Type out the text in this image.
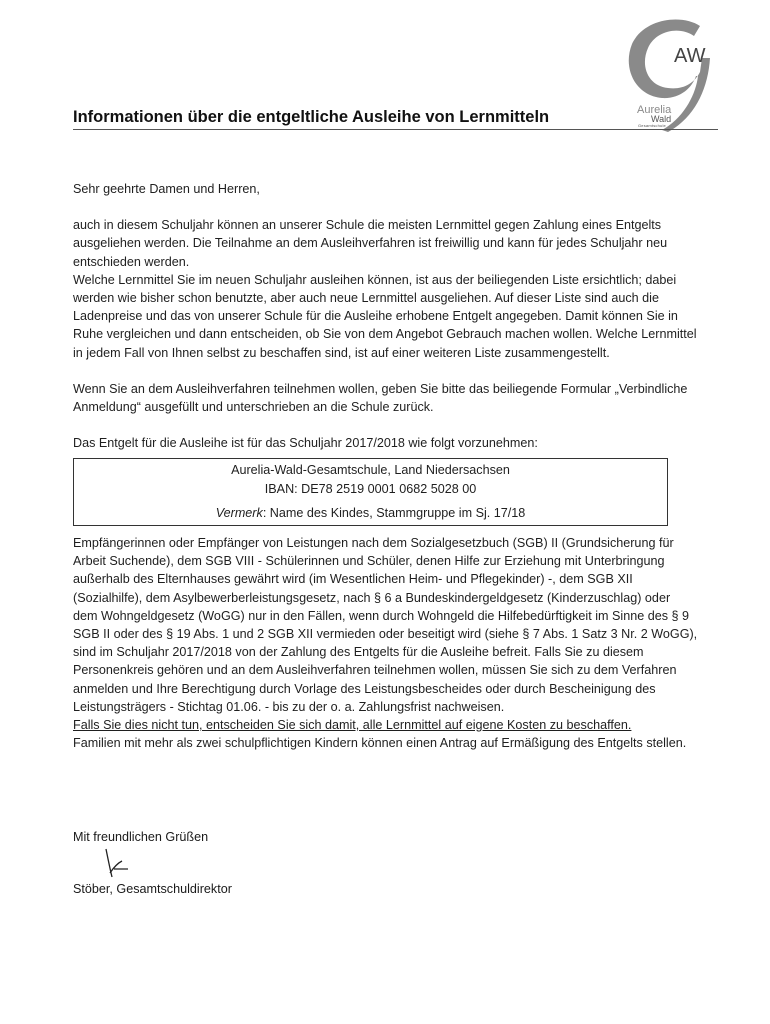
AW
Aurelia
Wald
Gesamtschule
Informationen über die entgeltliche Ausleihe von Lernmitteln

Sehr geehrte Damen und Herren,

auch in diesem Schuljahr können an unserer Schule die meisten Lernmittel gegen Zahlung eines Entgelts ausgeliehen werden. Die Teilnahme an dem Ausleihverfahren ist freiwillig und kann für jedes Schuljahr neu entschieden werden.

Welche Lernmittel Sie im neuen Schuljahr ausleihen können, ist aus der beiliegenden Liste ersichtlich; dabei werden wie bisher schon benutzte, aber auch neue Lernmittel ausgeliehen. Auf dieser Liste sind auch die Ladenpreise und das von unserer Schule für die Ausleihe erhobene Entgelt angegeben. Damit können Sie in Ruhe vergleichen und dann entscheiden, ob Sie von dem Angebot Gebrauch machen wollen. Welche Lernmittel in jedem Fall von Ihnen selbst zu beschaffen sind, ist auf einer weiteren Liste zusammengestellt.

Wenn Sie an dem Ausleihverfahren teilnehmen wollen, geben Sie bitte das beiliegende Formular „Verbindliche Anmeldung“ ausgefüllt und unterschrieben an die Schule zurück.

Das Entgelt für die Ausleihe ist für das Schuljahr 2017/2018 wie folgt vorzunehmen:

Aurelia-Wald-Gesamtschule, Land Niedersachsen
IBAN: DE78 2519 0001 0682 5028 00
Vermerk: Name des Kindes, Stammgruppe im Sj. 17/18

Empfängerinnen oder Empfänger von Leistungen nach dem Sozialgesetzbuch (SGB) II (Grundsicherung für Arbeit Suchende), dem SGB VIII - Schülerinnen und Schüler, denen Hilfe zur Erziehung mit Unterbringung außerhalb des Elternhauses gewährt wird (im Wesentlichen Heim- und Pflegekinder) -, dem SGB XII (Sozialhilfe), dem Asylbewerberleistungsgesetz, nach § 6 a Bundeskindergeldgesetz (Kinderzuschlag) oder dem Wohngeldgesetz (WoGG) nur in den Fällen, wenn durch Wohngeld die Hilfebedürftigkeit im Sinne des § 9 SGB II oder des § 19 Abs. 1 und 2 SGB XII vermieden oder beseitigt wird (siehe § 7 Abs. 1 Satz 3 Nr. 2 WoGG), sind im Schuljahr 2017/2018 von der Zahlung des Entgelts für die Ausleihe befreit. Falls Sie zu diesem Personenkreis gehören und an dem Ausleihverfahren teilnehmen wollen, müssen Sie sich zu dem Verfahren anmelden und Ihre Berechtigung durch Vorlage des Leistungsbescheides oder durch Bescheinigung des Leistungsträgers - Stichtag 01.06. - bis zu der o. a. Zahlungsfrist nachweisen.

Falls Sie dies nicht tun, entscheiden Sie sich damit, alle Lernmittel auf eigene Kosten zu beschaffen.

Familien mit mehr als zwei schulpflichtigen Kindern können einen Antrag auf Ermäßigung des Entgelts stellen.

Mit freundlichen Grüßen
Stöber, Gesamtschuldirektor
